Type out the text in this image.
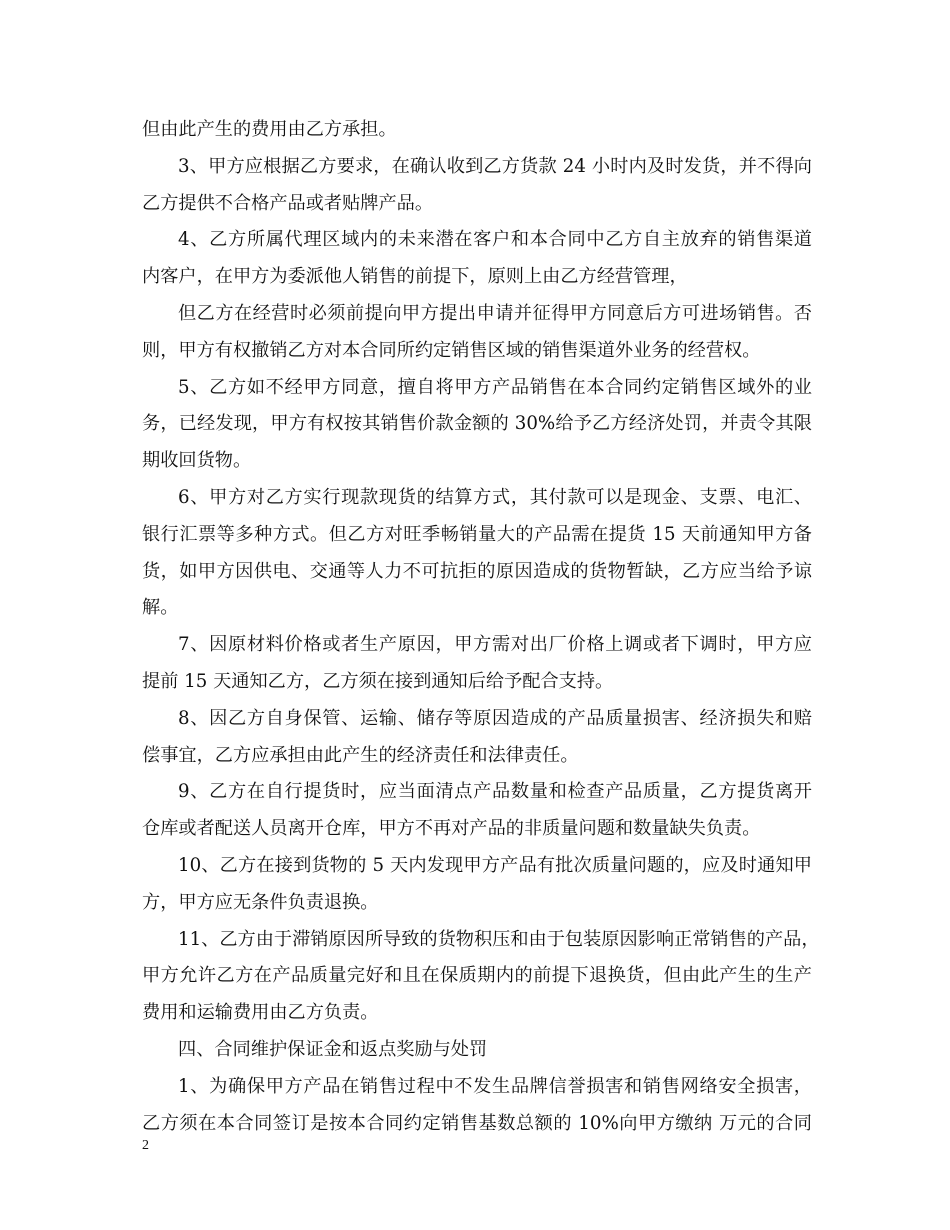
但由此产生的费用由乙方承担。
3、甲方应根据乙方要求，在确认收到乙方货款 24 小时内及时发货，并不得向
乙方提供不合格产品或者贴牌产品。
4、乙方所属代理区域内的未来潜在客户和本合同中乙方自主放弃的销售渠道
内客户，在甲方为委派他人销售的前提下，原则上由乙方经营管理，
但乙方在经营时必须前提向甲方提出申请并征得甲方同意后方可进场销售。否
则，甲方有权撤销乙方对本合同所约定销售区域的销售渠道外业务的经营权。
5、乙方如不经甲方同意，擅自将甲方产品销售在本合同约定销售区域外的业
务，已经发现，甲方有权按其销售价款金额的 30%给予乙方经济处罚，并责令其限
期收回货物。
6、甲方对乙方实行现款现货的结算方式，其付款可以是现金、支票、电汇、
银行汇票等多种方式。但乙方对旺季畅销量大的产品需在提货 15 天前通知甲方备
货，如甲方因供电、交通等人力不可抗拒的原因造成的货物暂缺，乙方应当给予谅
解。
7、因原材料价格或者生产原因，甲方需对出厂价格上调或者下调时，甲方应
提前 15 天通知乙方，乙方须在接到通知后给予配合支持。
8、因乙方自身保管、运输、储存等原因造成的产品质量损害、经济损失和赔
偿事宜，乙方应承担由此产生的经济责任和法律责任。
9、乙方在自行提货时，应当面清点产品数量和检查产品质量，乙方提货离开
仓库或者配送人员离开仓库，甲方不再对产品的非质量问题和数量缺失负责。
10、乙方在接到货物的 5 天内发现甲方产品有批次质量问题的，应及时通知甲
方，甲方应无条件负责退换。
11、乙方由于滞销原因所导致的货物积压和由于包装原因影响正常销售的产品，
甲方允许乙方在产品质量完好和且在保质期内的前提下退换货，但由此产生的生产
费用和运输费用由乙方负责。
四、合同维护保证金和返点奖励与处罚
1、为确保甲方产品在销售过程中不发生品牌信誉损害和销售网络安全损害，
乙方须在本合同签订是按本合同约定销售基数总额的 10%向甲方缴纳 万元的合同
2
